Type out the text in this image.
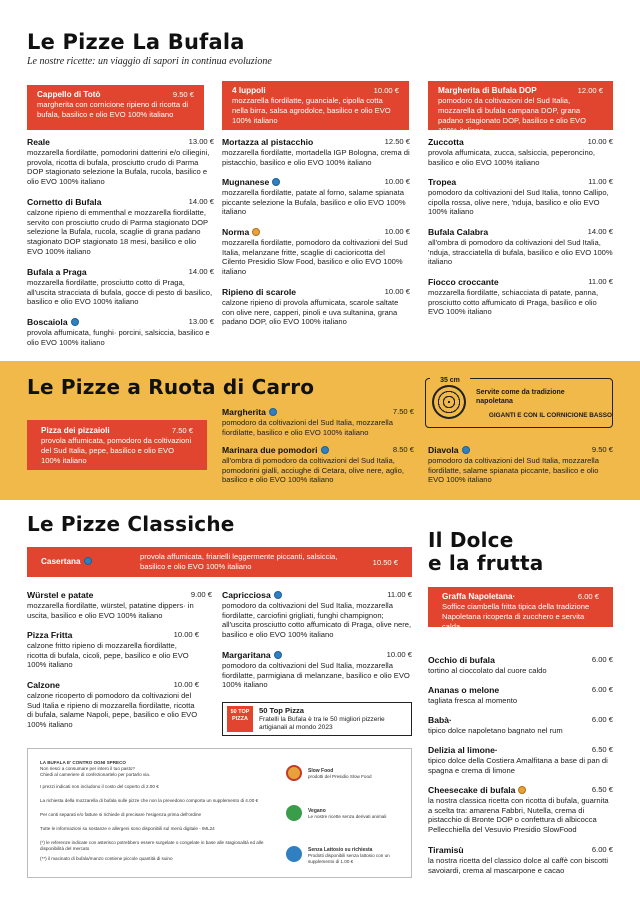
Le Pizze La Bufala
Le nostre ricette: un viaggio di sapori in continua evoluzione
Cappello di Totò	9.50 €
margherita con cornicione ripieno di ricotta di bufala, basilico e olio EVO 100% italiano
4 luppoli	10.00 €
mozzarella fiordilatte, guanciale, cipolla cotta nella birra, salsa agrodolce, basilico e olio EVO 100% italiano
Margherita di Bufala DOP	12.00 €
pomodoro da coltivazioni del Sud Italia, mozzarella di bufala campana DOP, grana padano stagionato DOP, basilico e olio EVO 100% italiano
Reale	13.00 €
mozzarella fiordilatte, pomodorini datterini e/o ciliegini, provola, ricotta di bufala, prosciutto crudo di Parma DOP stagionato selezione la Bufala, rucola, basilico e olio EVO 100% italiano
Cornetto di Bufala	14.00 €
calzone ripieno di emmenthal e mozzarella fiordilatte, servito con prosciutto crudo di Parma stagionato DOP selezione la Bufala, rucola, scaglie di grana padano stagionato DOP stagionato 18 mesi, basilico e olio EVO 100% italiano
Bufala a Praga	14.00 €
mozzarella fiordilatte, prosciutto cotto di Praga, all'uscita stracciata di bufala, gocce di pesto di basilico, basilico e olio EVO 100% italiano
Boscaiola	13.00 €
provola affumicata, funghi· porcini, salsiccia, basilico e olio EVO 100% italiano
Mortazza al pistacchio	12.50 €
mozzarella fiordilatte, mortadella IGP Bologna, crema di pistacchio, basilico e olio EVO 100% italiano
Mugnanese	10.00 €
mozzarella fiordilatte, patate al forno, salame spianata piccante selezione la Bufala, basilico e olio EVO 100% italiano
Norma	10.00 €
mozzarella fiordilatte, pomodoro da coltivazioni del Sud Italia, melanzane fritte, scaglie di cacioricotta del Cilento Presidio Slow Food, basilico e olio EVO 100% italiano
Ripieno di scarole	10.00 €
calzone ripieno di provola affumicata, scarole saltate con olive nere, capperi, pinoli e uva sultanina, grana padano DOP, olio EVO 100% italiano
Zuccotta	10.00 €
provola affumicata, zucca, salsiccia, peperoncino, basilico e olio EVO 100% italiano
Tropea	11.00 €
pomodoro da coltivazioni del Sud Italia, tonno Callipo, cipolla rossa, olive nere, 'nduja, basilico e olio EVO 100% italiano
Bufala Calabra	14.00 €
all'ombra di pomodoro da coltivazioni del Sud Italia, 'nduja, stracciatella di bufala, basilico e olio EVO 100% italiano
Fiocco croccante	11.00 €
mozzarella fiordilatte, schiacciata di patate, panna, prosciutto cotto affumicato di Praga, basilico e olio EVO 100% italiano
Le Pizze a Ruota di Carro	35 cm
Servite come da tradizione napoletana
GIGANTI E CON IL CORNICIONE BASSO
Pizza dei pizzaioli	7.50 €
provola affumicata, pomodoro da coltivazioni del Sud Italia, pepe, basilico e olio EVO 100% italiano
Margherita	7.50 €
pomodoro da coltivazioni del Sud Italia, mozzarella fiordilatte, basilico e olio EVO 100% italiano
Marinara due pomodori	8.50 €
all'ombra di pomodoro da coltivazioni del Sud Italia, pomodorini gialli, acciughe di Cetara, olive nere, aglio, basilico e olio EVO 100% italiano
Diavola	9.50 €
pomodoro da coltivazioni del Sud Italia, mozzarella fiordilatte, salame spianata piccante, basilico e olio EVO 100% italiano
Le Pizze Classiche
Casertana
provola affumicata, friarielli leggermente piccanti, salsiccia, basilico e olio EVO 100% italiano	10.50 €
Würstel e patate	9.00 €
mozzarella fiordilatte, würstel, patatine dippers· in uscita, basilico e olio EVO 100% italiano
Pizza Fritta	10.00 €
calzone fritto ripieno di mozzarella fiordilatte, ricotta di bufala, cicoli, pepe, basilico e olio EVO 100% italiano
Calzone	10.00 €
calzone ricoperto di pomodoro da coltivazioni del Sud Italia e ripieno di mozzarella fiordilatte, ricotta di bufala, salame Napoli, pepe, basilico e olio EVO 100% italiano
Capricciosa	11.00 €
pomodoro da coltivazioni del Sud Italia, mozzarella fiordilatte, carciofini grigliati, funghi champignon; all'uscita prosciutto cotto affumicato di Praga, olive nere, basilico e olio EVO 100% italiano
Margaritana	10.00 €
pomodoro da coltivazioni del Sud Italia, mozzarella fiordilatte, parmigiana di melanzane, basilico e olio EVO 100% italiano
50 TOP PIZZA
50 Top Pizza
Fratelli la Bufala è tra le 50 migliori pizzerie artigianali al mondo 2023
LA BUFALA E' CONTRO OGNI SPRECO
Non riesci a consumare per intero il tuo pasto?
Chiedi al cameriere di confezionartelo per portarlo via.
I prezzi indicati non includono il costo del coperto di 2.00 €
La richiesta della mozzarella di bufala sulle pizze che non la prevedono comporta un supplemento di 4.00 €
Per conti separati e/o fatture si richiede di precisare l'esigenza prima dell'ordine
Tutte le informazioni su sostanze e allergeni sono disponibili sul menù digitale - IML24
(*) le referenze indicate con asterisco potrebbero essere surgelate o congelate in base alle stagionalità ed alle disponibilità del mercato
(**) il macinato di bufala/manzo contiene piccole quantità di suino
Slow Food
prodotti del Presidio Slow Food
Vegano
Le nostre ricette senza derivati animali
Senza Lattosio su richiesta
Prodotti disponibili senza lattosio con un supplemento di 1.00 €
Il Dolce
e la frutta
Graffa Napoletana·	6.00 €
Soffice ciambella fritta tipica della tradizione Napoletana ricoperta di zucchero e servita calda
Occhio di bufala	6.00 €
tortino al cioccolato dal cuore caldo
Ananas o melone	6.00 €
tagliata fresca al momento
Babà·	6.00 €
tipico dolce napoletano bagnato nel rum
Delizia al limone·	6.50 €
tipico dolce della Costiera Amalfitana a base di pan di spagna e crema di limone
Cheesecake di bufala	6.50 €
la nostra classica ricetta con ricotta di bufala, guarnita a scelta tra: amarena Fabbri, Nutella, crema di pistacchio di Bronte DOP o confettura di albicocca Pellecchiella del Vesuvio Presidio SlowFood
Tiramisù	6.00 €
la nostra ricetta del classico dolce al caffè con biscotti savoiardi, crema al mascarpone e cacao
